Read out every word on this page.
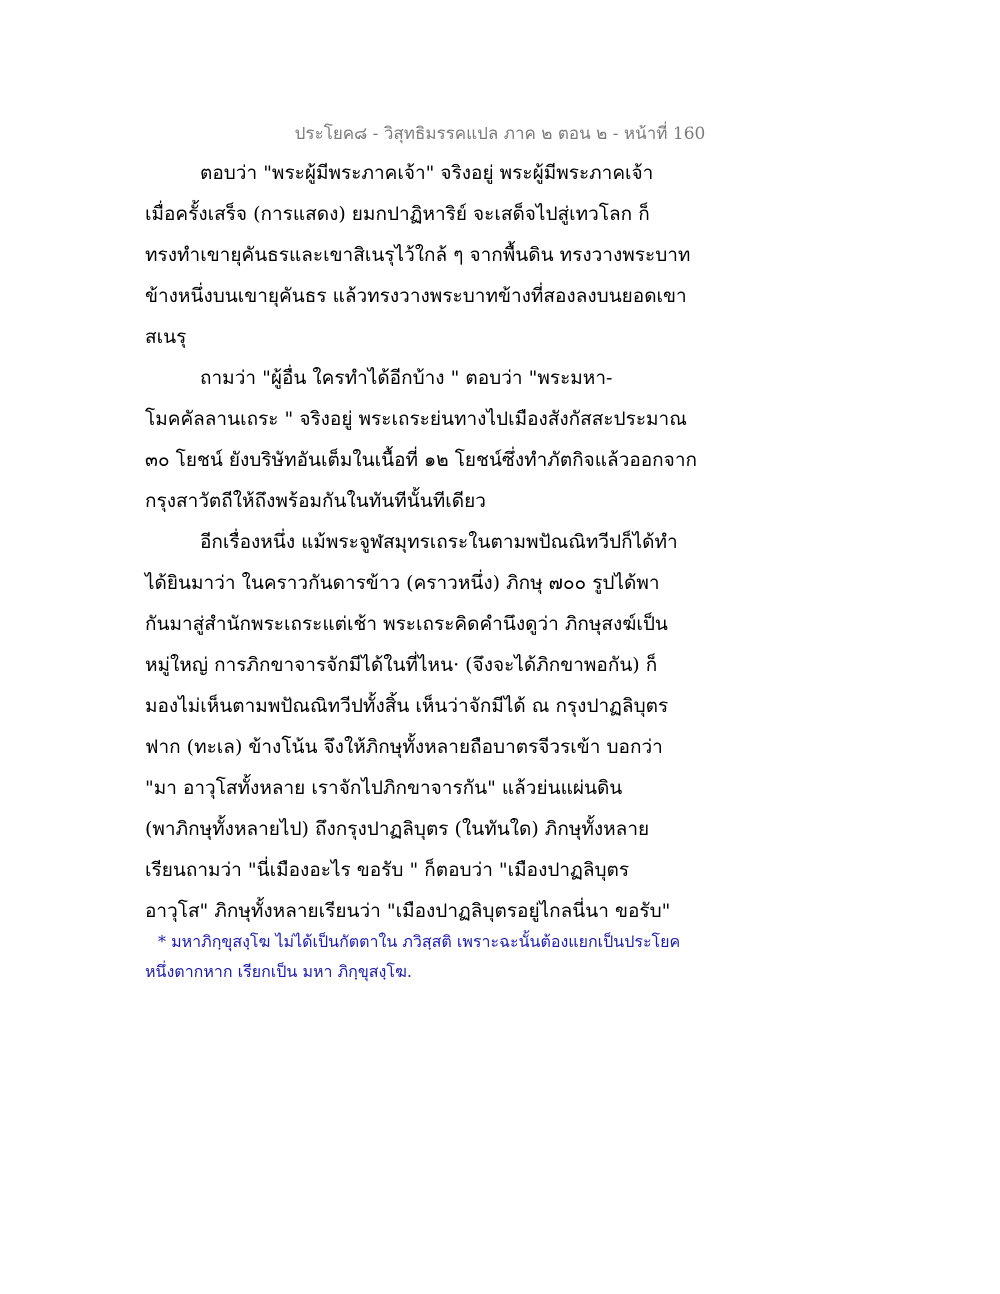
ประโยค๘ - วิสุทธิมรรคแปล ภาค ๒ ตอน ๒ - หน้าที่ 160
ตอบว่า "พระผู้มีพระภาคเจ้า" จริงอยู่ พระผู้มีพระภาคเจ้า
เมื่อครั้งเสร็จ (การแสดง) ยมกปาฏิหาริย์ จะเสด็จไปสู่เทวโลก ก็
ทรงทำเขายุคันธรและเขาสิเนรุไว้ใกล้ ๆ จากพื้นดิน ทรงวางพระบาท
ข้างหนึ่งบนเขายุคันธร แล้วทรงวางพระบาทข้างที่สองลงบนยอดเขา
สเนรุ
ถามว่า "ผู้อื่น ใครทำได้อีกบ้าง " ตอบว่า "พระมหา-
โมคคัลลานเถระ " จริงอยู่ พระเถระย่นทางไปเมืองสังกัสสะประมาณ
๓๐ โยชน์ ยังบริษัทอันเต็มในเนื้อที่ ๑๒ โยชน์ซึ่งทำภัตกิจแล้วออกจาก
กรุงสาวัตถีให้ถึงพร้อมกันในทันทีนั้นทีเดียว
อีกเรื่องหนึ่ง แม้พระจูฬสมุทรเถระในตามพปัณณิทวีปก็ได้ทำ
ได้ยินมาว่า ในคราวกันดารข้าว (คราวหนึ่ง) ภิกษุ ๗๐๐ รูปได้พา
กันมาสู่สำนักพระเถระแต่เช้า พระเถระคิดคำนึงดูว่า ภิกษุสงฆ์เป็น
หมู่ใหญ่ การภิกขาจารจักมีได้ในที่ไหน· (จึงจะได้ภิกขาพอกัน) ก็
มองไม่เห็นตามพปัณณิทวีปทั้งสิ้น เห็นว่าจักมีได้ ณ กรุงปาฏลิบุตร
ฟาก (ทะเล) ข้างโน้น จึงให้ภิกษุทั้งหลายถือบาตรจีวรเข้า บอกว่า
"มา อาวุโสทั้งหลาย เราจักไปภิกขาจารกัน" แล้วย่นแผ่นดิน
(พาภิกษุทั้งหลายไป) ถึงกรุงปาฏลิบุตร (ในทันใด) ภิกษุทั้งหลาย
เรียนถามว่า "นี่เมืองอะไร ขอรับ " ก็ตอบว่า "เมืองปาฏลิบุตร
อาวุโส" ภิกษุทั้งหลายเรียนว่า "เมืองปาฏลิบุตรอยู่ไกลนี่นา ขอรับ"
* มหาภิกฺขุสงฺโฆ ไม่ได้เป็นกัตตาใน ภวิสฺสติ เพราะฉะนั้นต้องแยกเป็นประโยค
หนึ่งตากหาก เรียกเป็น มหา ภิกฺขุสงฺโฆ.
